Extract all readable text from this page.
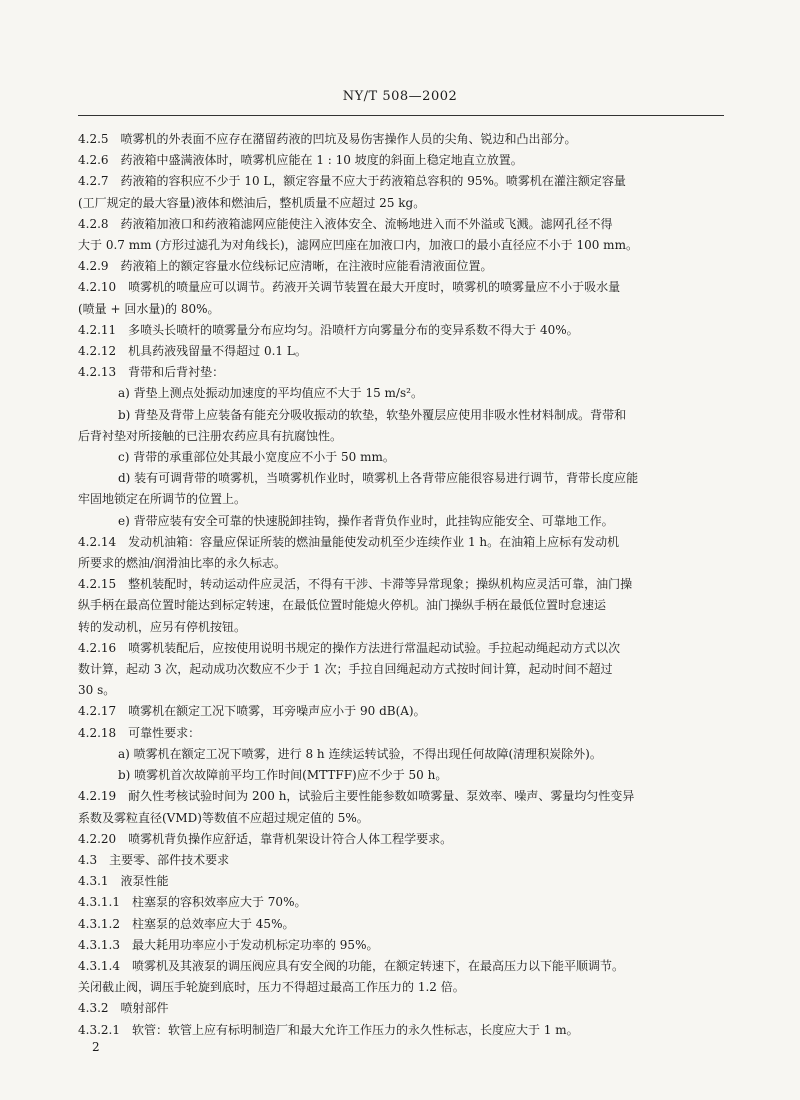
NY/T 508—2002
4.2.5　喷雾机的外表面不应存在潴留药液的凹坑及易伤害操作人员的尖角、锐边和凸出部分。
4.2.6　药液箱中盛满液体时，喷雾机应能在 1 : 10 坡度的斜面上稳定地直立放置。
4.2.7　药液箱的容积应不少于 10 L，额定容量不应大于药液箱总容积的 95%。喷雾机在灌注额定容量
(工厂规定的最大容量)液体和燃油后，整机质量不应超过 25 kg。
4.2.8　药液箱加液口和药液箱滤网应能使注入液体安全、流畅地进入而不外溢或飞溅。滤网孔径不得
大于 0.7 mm (方形过滤孔为对角线长)，滤网应凹座在加液口内，加液口的最小直径应不小于 100 mm。
4.2.9　药液箱上的额定容量水位线标记应清晰，在注液时应能看清液面位置。
4.2.10　喷雾机的喷量应可以调节。药液开关调节装置在最大开度时，喷雾机的喷雾量应不小于吸水量
(喷量 + 回水量)的 80%。
4.2.11　多喷头长喷杆的喷雾量分布应均匀。沿喷杆方向雾量分布的变异系数不得大于 40%。
4.2.12　机具药液残留量不得超过 0.1 L。
4.2.13　背带和后背衬垫：
a) 背垫上测点处振动加速度的平均值应不大于 15 m/s²。
b) 背垫及背带上应装备有能充分吸收振动的软垫，软垫外覆层应使用非吸水性材料制成。背带和
后背衬垫对所接触的已注册农药应具有抗腐蚀性。
c) 背带的承重部位处其最小宽度应不小于 50 mm。
d) 装有可调背带的喷雾机，当喷雾机作业时，喷雾机上各背带应能很容易进行调节，背带长度应能
牢固地锁定在所调节的位置上。
e) 背带应装有安全可靠的快速脱卸挂钩，操作者背负作业时，此挂钩应能安全、可靠地工作。
4.2.14　发动机油箱：容量应保证所装的燃油量能使发动机至少连续作业 1 h。在油箱上应标有发动机
所要求的燃油/润滑油比率的永久标志。
4.2.15　整机装配时，转动运动件应灵活，不得有干涉、卡滞等异常现象；操纵机构应灵活可靠，油门操
纵手柄在最高位置时能达到标定转速，在最低位置时能熄火停机。油门操纵手柄在最低位置时怠速运
转的发动机，应另有停机按钮。
4.2.16　喷雾机装配后，应按使用说明书规定的操作方法进行常温起动试验。手拉起动绳起动方式以次
数计算，起动 3 次，起动成功次数应不少于 1 次；手拉自回绳起动方式按时间计算，起动时间不超过
30 s。
4.2.17　喷雾机在额定工况下喷雾，耳旁噪声应小于 90 dB(A)。
4.2.18　可靠性要求：
a) 喷雾机在额定工况下喷雾，进行 8 h 连续运转试验，不得出现任何故障(清理积炭除外)。
b) 喷雾机首次故障前平均工作时间(MTTFF)应不少于 50 h。
4.2.19　耐久性考核试验时间为 200 h，试验后主要性能参数如喷雾量、泵效率、噪声、雾量均匀性变异
系数及雾粒直径(VMD)等数值不应超过规定值的 5%。
4.2.20　喷雾机背负操作应舒适，靠背机架设计符合人体工程学要求。
4.3　主要零、部件技术要求
4.3.1　液泵性能
4.3.1.1　柱塞泵的容积效率应大于 70%。
4.3.1.2　柱塞泵的总效率应大于 45%。
4.3.1.3　最大耗用功率应小于发动机标定功率的 95%。
4.3.1.4　喷雾机及其液泵的调压阀应具有安全阀的功能，在额定转速下，在最高压力以下能平顺调节。
关闭截止阀，调压手轮旋到底时，压力不得超过最高工作压力的 1.2 倍。
4.3.2　喷射部件
4.3.2.1　软管：软管上应有标明制造厂和最大允许工作压力的永久性标志，长度应大于 1 m。
2
